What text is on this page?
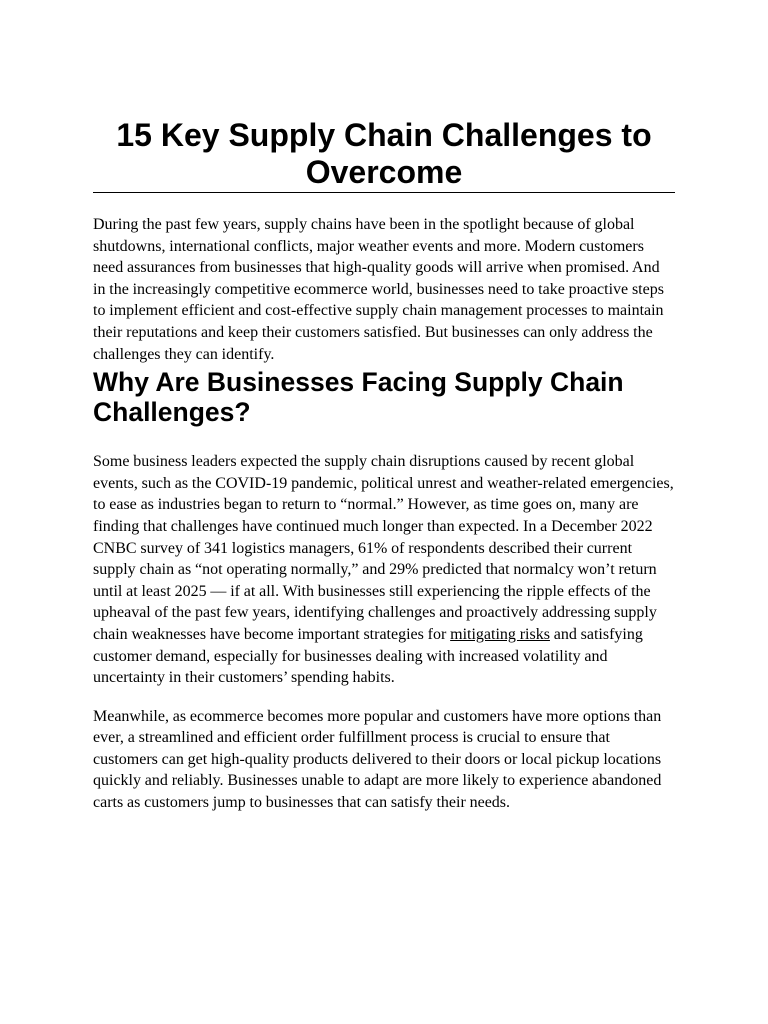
15 Key Supply Chain Challenges to Overcome

During the past few years, supply chains have been in the spotlight because of global shutdowns, international conflicts, major weather events and more. Modern customers need assurances from businesses that high-quality goods will arrive when promised. And in the increasingly competitive ecommerce world, businesses need to take proactive steps to implement efficient and cost-effective supply chain management processes to maintain their reputations and keep their customers satisfied. But businesses can only address the challenges they can identify.

Why Are Businesses Facing Supply Chain Challenges?

Some business leaders expected the supply chain disruptions caused by recent global events, such as the COVID-19 pandemic, political unrest and weather-related emergencies, to ease as industries began to return to “normal.” However, as time goes on, many are finding that challenges have continued much longer than expected. In a December 2022 CNBC survey of 341 logistics managers, 61% of respondents described their current supply chain as “not operating normally,” and 29% predicted that normalcy won’t return until at least 2025 — if at all. With businesses still experiencing the ripple effects of the upheaval of the past few years, identifying challenges and proactively addressing supply chain weaknesses have become important strategies for mitigating risks and satisfying customer demand, especially for businesses dealing with increased volatility and uncertainty in their customers’ spending habits.

Meanwhile, as ecommerce becomes more popular and customers have more options than ever, a streamlined and efficient order fulfillment process is crucial to ensure that customers can get high-quality products delivered to their doors or local pickup locations quickly and reliably. Businesses unable to adapt are more likely to experience abandoned carts as customers jump to businesses that can satisfy their needs.
